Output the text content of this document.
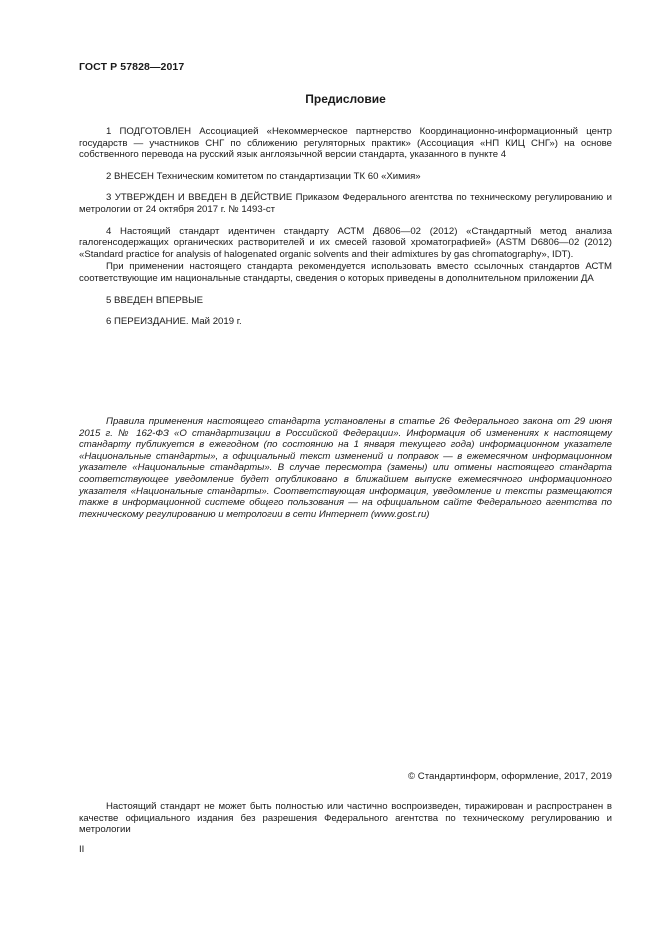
ГОСТ Р 57828—2017
Предисловие

1 ПОДГОТОВЛЕН Ассоциацией «Некоммерческое партнерство Координационно-информационный центр государств — участников СНГ по сближению регуляторных практик» (Ассоциация «НП КИЦ СНГ») на основе собственного перевода на русский язык англоязычной версии стандарта, указанного в пункте 4

2 ВНЕСЕН Техническим комитетом по стандартизации ТК 60 «Химия»

3 УТВЕРЖДЕН И ВВЕДЕН В ДЕЙСТВИЕ Приказом Федерального агентства по техническому регулированию и метрологии от 24 октября 2017 г. № 1493-ст

4 Настоящий стандарт идентичен стандарту АСТМ Д6806—02 (2012) «Стандартный метод анализа галогенсодержащих органических растворителей и их смесей газовой хроматографией» (ASTM D6806—02 (2012) «Standard practice for analysis of halogenated organic solvents and their admixtures by gas chromatography», IDT).

При применении настоящего стандарта рекомендуется использовать вместо ссылочных стандартов АСТМ соответствующие им национальные стандарты, сведения о которых приведены в дополнительном приложении ДА

5 ВВЕДЕН ВПЕРВЫЕ

6 ПЕРЕИЗДАНИЕ. Май 2019 г.

Правила применения настоящего стандарта установлены в статье 26 Федерального закона от 29 июня 2015 г. № 162-ФЗ «О стандартизации в Российской Федерации». Информация об изменениях к настоящему стандарту публикуется в ежегодном (по состоянию на 1 января текущего года) информационном указателе «Национальные стандарты», а официальный текст изменений и поправок — в ежемесячном информационном указателе «Национальные стандарты». В случае пересмотра (замены) или отмены настоящего стандарта соответствующее уведомление будет опубликовано в ближайшем выпуске ежемесячного информационного указателя «Национальные стандарты». Соответствующая информация, уведомление и тексты размещаются также в информационной системе общего пользования — на официальном сайте Федерального агентства по техническому регулированию и метрологии в сети Интернет (www.gost.ru)

© Стандартинформ, оформление, 2017, 2019

Настоящий стандарт не может быть полностью или частично воспроизведен, тиражирован и распространен в качестве официального издания без разрешения Федерального агентства по техническому регулированию и метрологии

II
